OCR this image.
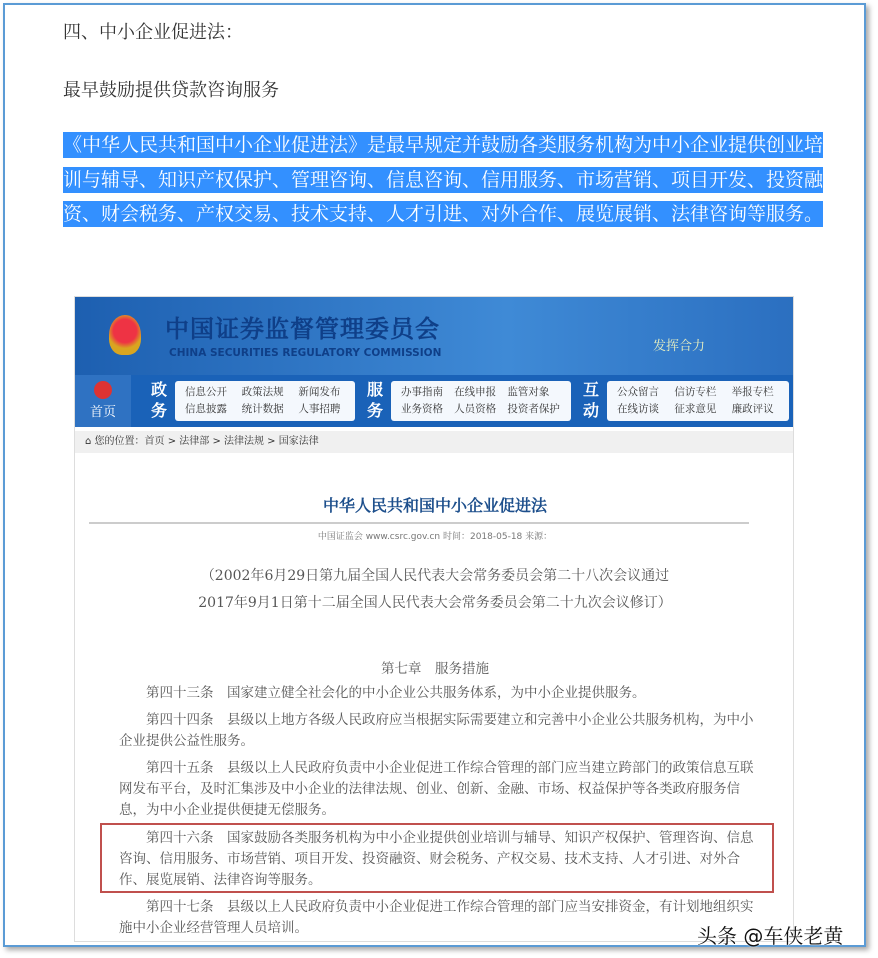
四、中小企业促进法：
最早鼓励提供贷款咨询服务
《中华人民共和国中小企业促进法》是最早规定并鼓励各类服务机构为中小企业提供创业培训与辅导、知识产权保护、管理咨询、信息咨询、信用服务、市场营销、项目开发、投资融资、财会税务、产权交易、技术支持、人才引进、对外合作、展览展销、法律咨询等服务。
中国证券监督管理委员会
CHINA SECURITIES REGULATORY COMMISSION	发挥合力
首页
政务
信息公开	政策法规	新闻发布
信息披露	统计数据	人事招聘
服务
办事指南 在线申报 监管对象
业务资格 人员资格 投资者保护
互动
公众留言	信访专栏	举报专栏
在线访谈	征求意见	廉政评议
⌂ 您的位置：首页 > 法律部 > 法律法规 > 国家法律
中华人民共和国中小企业促进法
中国证监会 www.csrc.gov.cn 时间：2018-05-18 来源：
（2002年6月29日第九届全国人民代表大会常务委员会第二十八次会议通过
2017年9月1日第十二届全国人民代表大会常务委员会第二十九次会议修订）
第七章　服务措施
第四十三条　国家建立健全社会化的中小企业公共服务体系，为中小企业提供服务。
第四十四条　县级以上地方各级人民政府应当根据实际需要建立和完善中小企业公共服务机构，为中小企业提供公益性服务。
第四十五条　县级以上人民政府负责中小企业促进工作综合管理的部门应当建立跨部门的政策信息互联网发布平台，及时汇集涉及中小企业的法律法规、创业、创新、金融、市场、权益保护等各类政府服务信息，为中小企业提供便捷无偿服务。
第四十六条　国家鼓励各类服务机构为中小企业提供创业培训与辅导、知识产权保护、管理咨询、信息咨询、信用服务、市场营销、项目开发、投资融资、财会税务、产权交易、技术支持、人才引进、对外合作、展览展销、法律咨询等服务。
第四十七条　县级以上人民政府负责中小企业促进工作综合管理的部门应当安排资金，有计划地组织实施中小企业经营管理人员培训。	头条 @车侠老黄
